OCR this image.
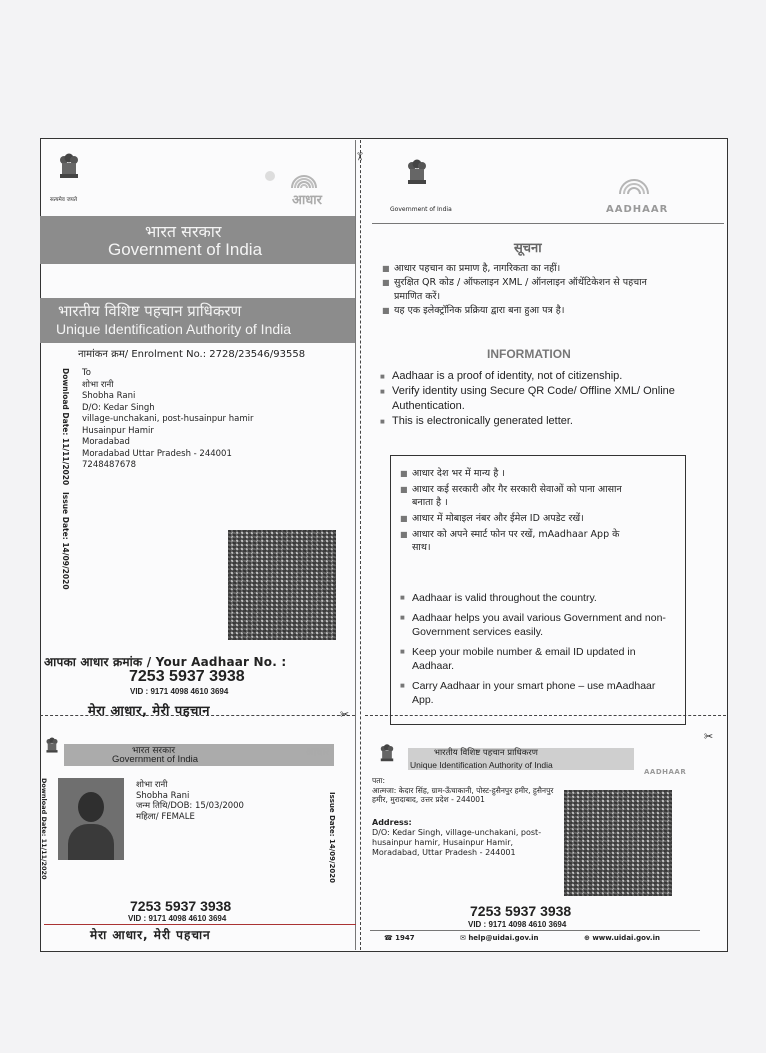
✂
✂
✂
सत्यमेव जयते	आधार
भारत सरकार
Government of India
भारतीय विशिष्ट पहचान प्राधिकरण
Unique Identification Authority of India
नामांकन क्रम/ Enrolment No.: 2728/23546/93558
Download Date: 11/11/2020
Issue Date: 14/09/2020
To
शोभा रानी
Shobha Rani
D/O: Kedar Singh
village-unchakani, post-husainpur hamir
Husainpur Hamir
Moradabad
Moradabad Uttar Pradesh - 244001
7248487678
आपका आधार क्रमांक / Your Aadhaar No. :
7253 5937 3938
VID : 9171 4098 4610 3694
मेरा आधार, मेरी पहचान
Government of India	AADHAAR
सूचना
■ आधार पहचान का प्रमाण है, नागरिकता का नहीं।
■ सुरक्षित QR कोड / ऑफलाइन XML / ऑनलाइन ऑथेंटिकेशन से पहचान प्रमाणित करें।
■ यह एक इलेक्ट्रॉनिक प्रक्रिया द्वारा बना हुआ पत्र है।
INFORMATION
■ Aadhaar is a proof of identity, not of citizenship.
■ Verify identity using Secure QR Code/ Offline XML/ Online Authentication.
■ This is electronically generated letter.
■ आधार देश भर में मान्य है ।
■ आधार कई सरकारी और गैर सरकारी सेवाओं को पाना आसान बनाता है ।
■ आधार में मोबाइल नंबर और ईमेल ID अपडेट रखें।
■ आधार को अपने स्मार्ट फोन पर रखें, mAadhaar App के साथ।
■ Aadhaar is valid throughout the country.
■ Aadhaar helps you avail various Government and non-Government services easily.
■ Keep your mobile number & email ID updated in Aadhaar.
■ Carry Aadhaar in your smart phone – use mAadhaar App.
भारत सरकार
Government of India
आधार
Download Date: 11/11/2020	Issue Date: 14/09/2020
शोभा रानी
Shobha Rani
जन्म तिथि/DOB: 15/03/2000
महिला/ FEMALE
7253 5937 3938
VID : 9171 4098 4610 3694
मेरा आधार, मेरी पहचान
भारतीय विशिष्ट पहचान प्राधिकरण
Unique Identification Authority of India
AADHAAR
पता:
आत्मजा: केदार सिंह, ग्राम-ऊँचाकानी, पोस्ट-हुसैनपुर हमीर, हुसैनपुर हमीर, मुरादाबाद, उत्तर प्रदेश - 244001
Address:
D/O: Kedar Singh, village-unchakani, post-husainpur hamir, Husainpur Hamir, Moradabad, Uttar Pradesh - 244001
7253 5937 3938
VID : 9171 4098 4610 3694
☎ 1947	✉ help@uidai.gov.in	⊕ www.uidai.gov.in
